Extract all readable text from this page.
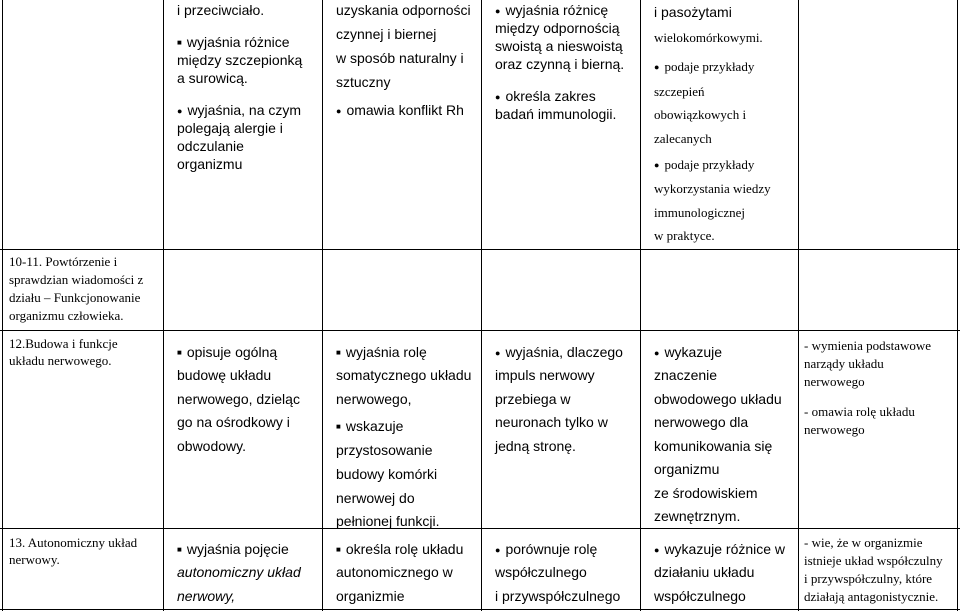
i przeciwciało.
■ wyjaśnia różnice
między szczepionką
a surowicą.
● wyjaśnia, na czym
polegają alergie i
odczulanie
organizmu
uzyskania odporności
czynnej i biernej
w sposób naturalny i
sztuczny
● omawia konflikt Rh
● wyjaśnia różnicę
między odpornością
swoistą a nieswoistą
oraz czynną i bierną.
● określa zakres
badań immunologii.
i pasożytami
wielokomórkowymi.
● podaje przykłady
szczepień
obowiązkowych i
zalecanych
● podaje przykłady
wykorzystania wiedzy
immunologicznej
w praktyce.
10-11. Powtórzenie i
sprawdzian wiadomości z
działu – Funkcjonowanie
organizmu człowieka.
12.Budowa i funkcje
układu nerwowego.
■ opisuje ogólną
budowę układu
nerwowego, dzieląc
go na ośrodkowy i
obwodowy.
■ wyjaśnia rolę
somatycznego układu
nerwowego,
■ wskazuje
przystosowanie
budowy komórki
nerwowej do
pełnionej funkcji.
● wyjaśnia, dlaczego
impuls nerwowy
przebiega w
neuronach tylko w
jedną stronę.
● wykazuje
znaczenie
obwodowego układu
nerwowego dla
komunikowania się
organizmu
ze środowiskiem
zewnętrznym.
- wymienia podstawowe
narządy układu
nerwowego
- omawia rolę układu
nerwowego
13. Autonomiczny układ
nerwowy.
■ wyjaśnia pojęcie
autonomiczny układ
nerwowy,
■ określa rolę układu
autonomicznego w
organizmie
● porównuje rolę
współczulnego
i przywspółczulnego
● wykazuje różnice w
działaniu układu
współczulnego
- wie, że w organizmie
istnieje układ współczulny
i przywspółczulny, które
działają antagonistycznie.
